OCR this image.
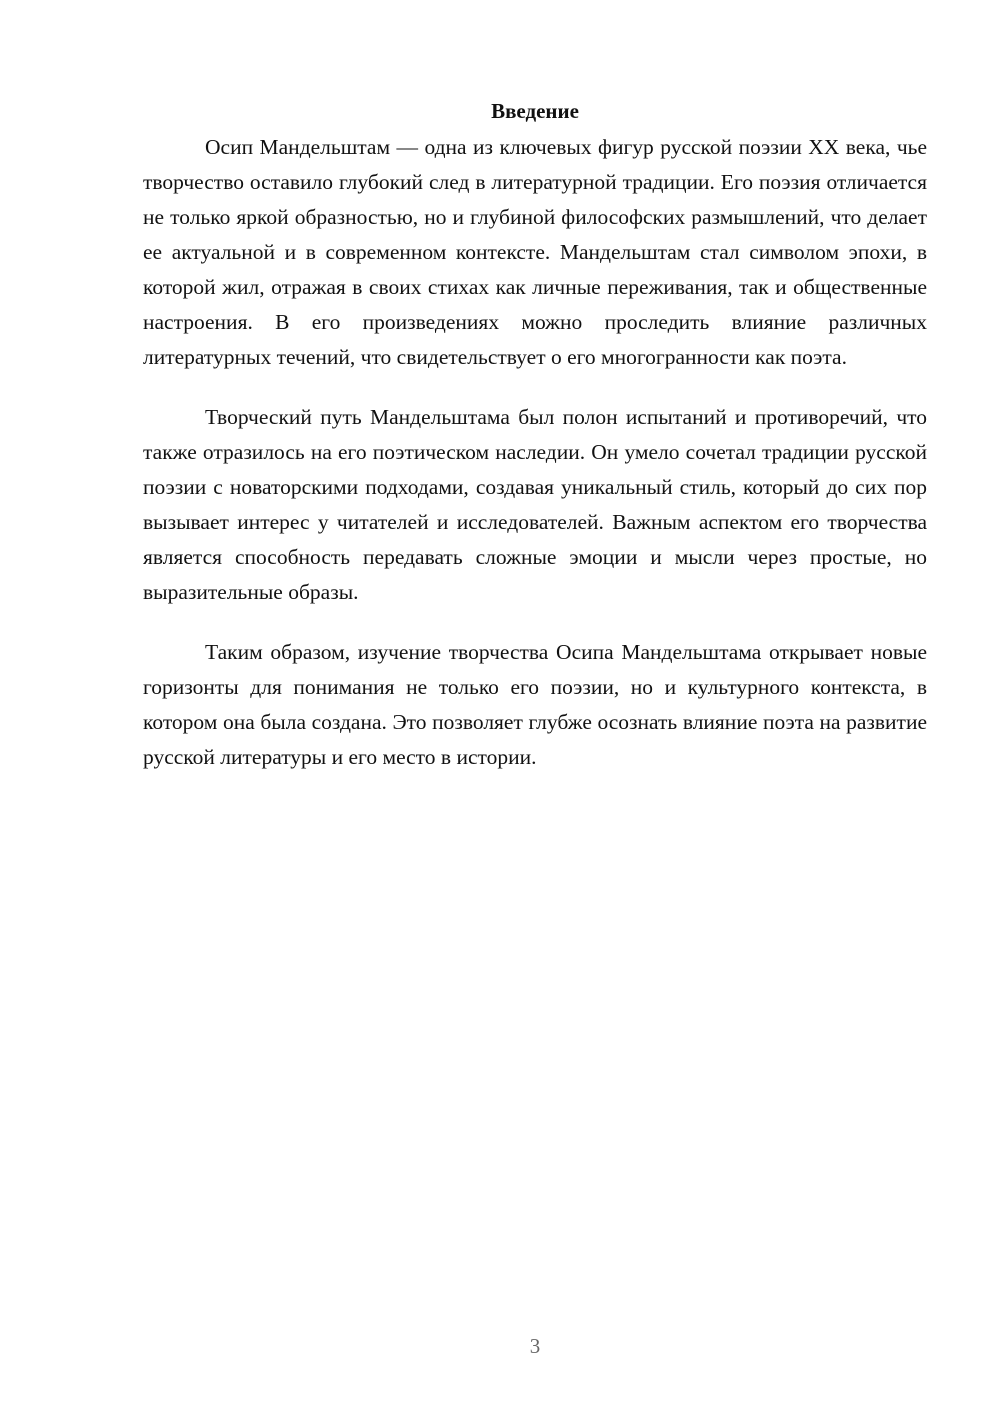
Введение

Осип Мандельштам — одна из ключевых фигур русской поэзии XX века, чье творчество оставило глубокий след в литературной традиции. Его поэзия отличается не только яркой образностью, но и глубиной философских размышлений, что делает ее актуальной и в современном контексте. Мандельштам стал символом эпохи, в которой жил, отражая в своих стихах как личные переживания, так и общественные настроения. В его произведениях можно проследить влияние различных литературных течений, что свидетельствует о его многогранности как поэта.

Творческий путь Мандельштама был полон испытаний и противоречий, что также отразилось на его поэтическом наследии. Он умело сочетал традиции русской поэзии с новаторскими подходами, создавая уникальный стиль, который до сих пор вызывает интерес у читателей и исследователей. Важным аспектом его творчества является способность передавать сложные эмоции и мысли через простые, но выразительные образы.

Таким образом, изучение творчества Осипа Мандельштама открывает новые горизонты для понимания не только его поэзии, но и культурного контекста, в котором она была создана. Это позволяет глубже осознать влияние поэта на развитие русской литературы и его место в истории.

3
